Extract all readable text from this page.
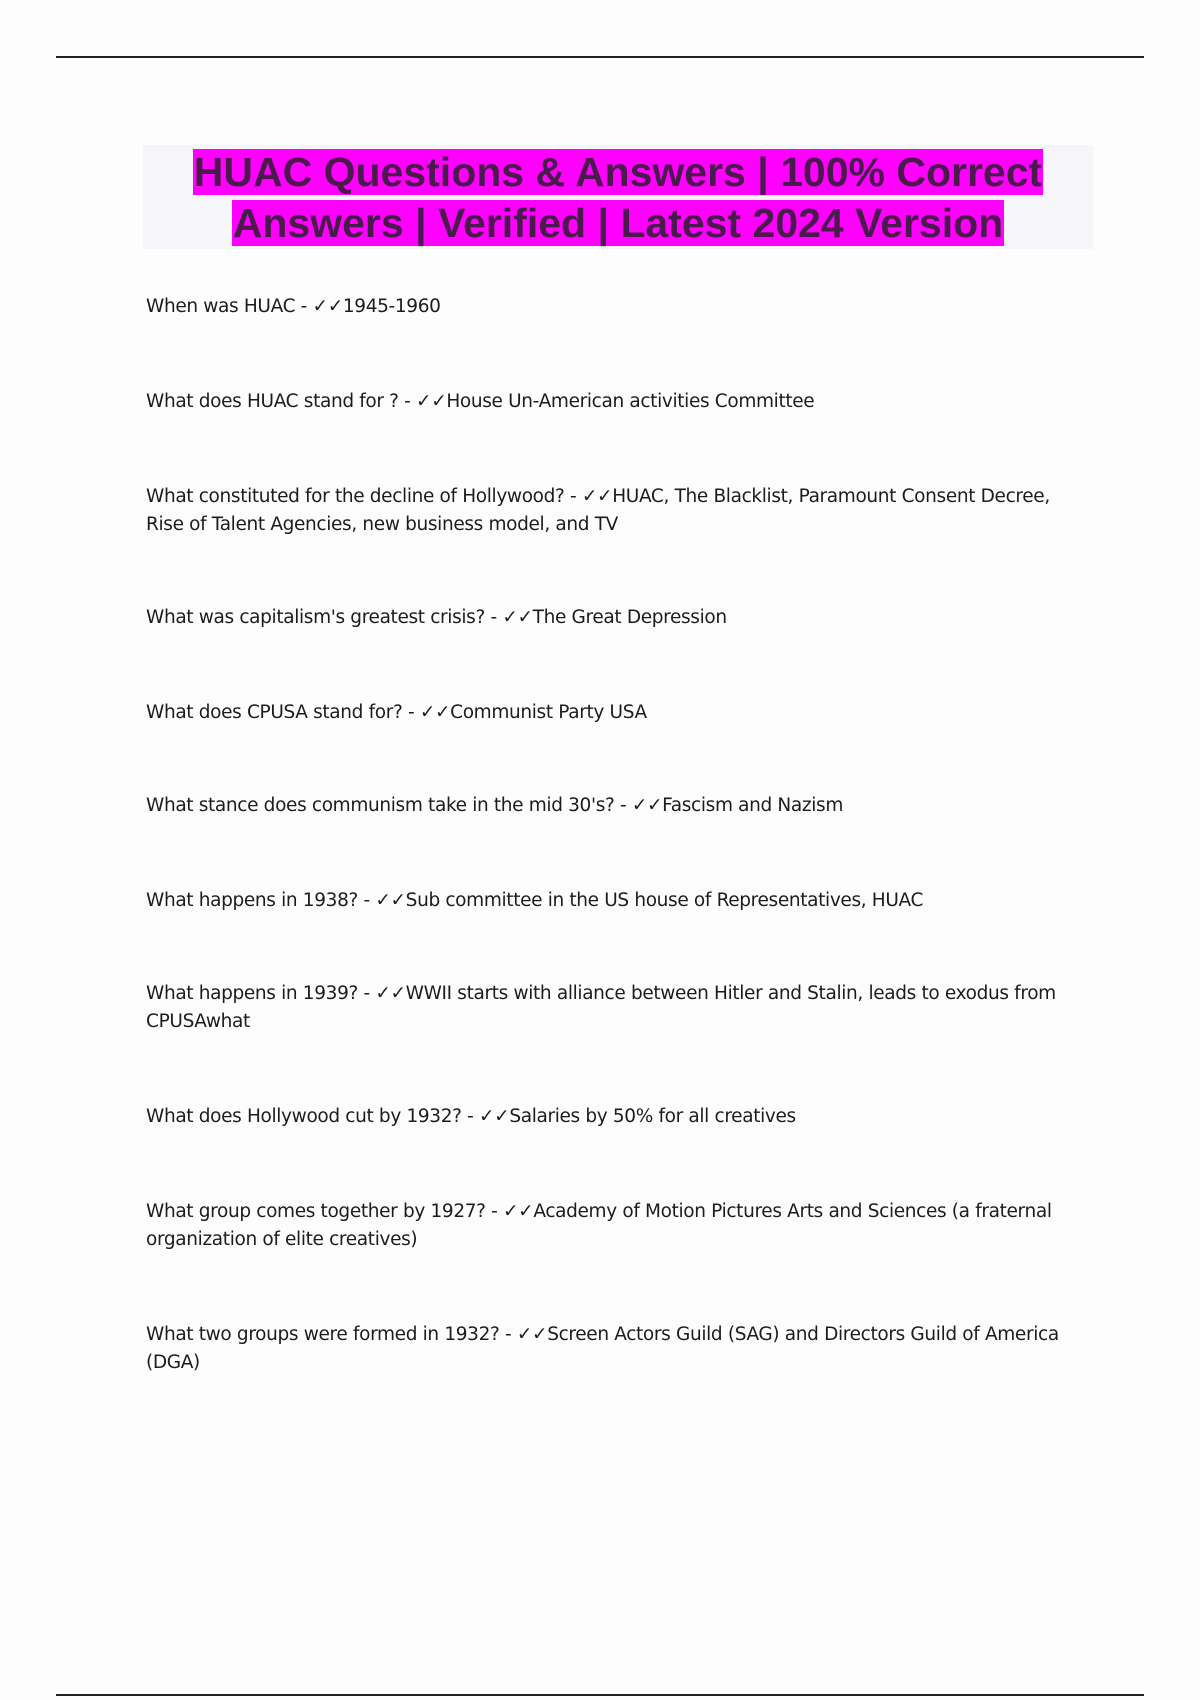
HUAC Questions & Answers | 100% Correct Answers | Verified | Latest 2024 Version

When was HUAC - ✓✓1945-1960

What does HUAC stand for ? - ✓✓House Un-American activities Committee

What constituted for the decline of Hollywood? - ✓✓HUAC, The Blacklist, Paramount Consent Decree, Rise of Talent Agencies, new business model, and TV

What was capitalism's greatest crisis? - ✓✓The Great Depression

What does CPUSA stand for? - ✓✓Communist Party USA

What stance does communism take in the mid 30's? - ✓✓Fascism and Nazism

What happens in 1938? - ✓✓Sub committee in the US house of Representatives, HUAC

What happens in 1939? - ✓✓WWII starts with alliance between Hitler and Stalin, leads to exodus from CPUSAwhat

What does Hollywood cut by 1932? - ✓✓Salaries by 50% for all creatives

What group comes together by 1927? - ✓✓Academy of Motion Pictures Arts and Sciences (a fraternal organization of elite creatives)

What two groups were formed in 1932? - ✓✓Screen Actors Guild (SAG) and Directors Guild of America (DGA)
